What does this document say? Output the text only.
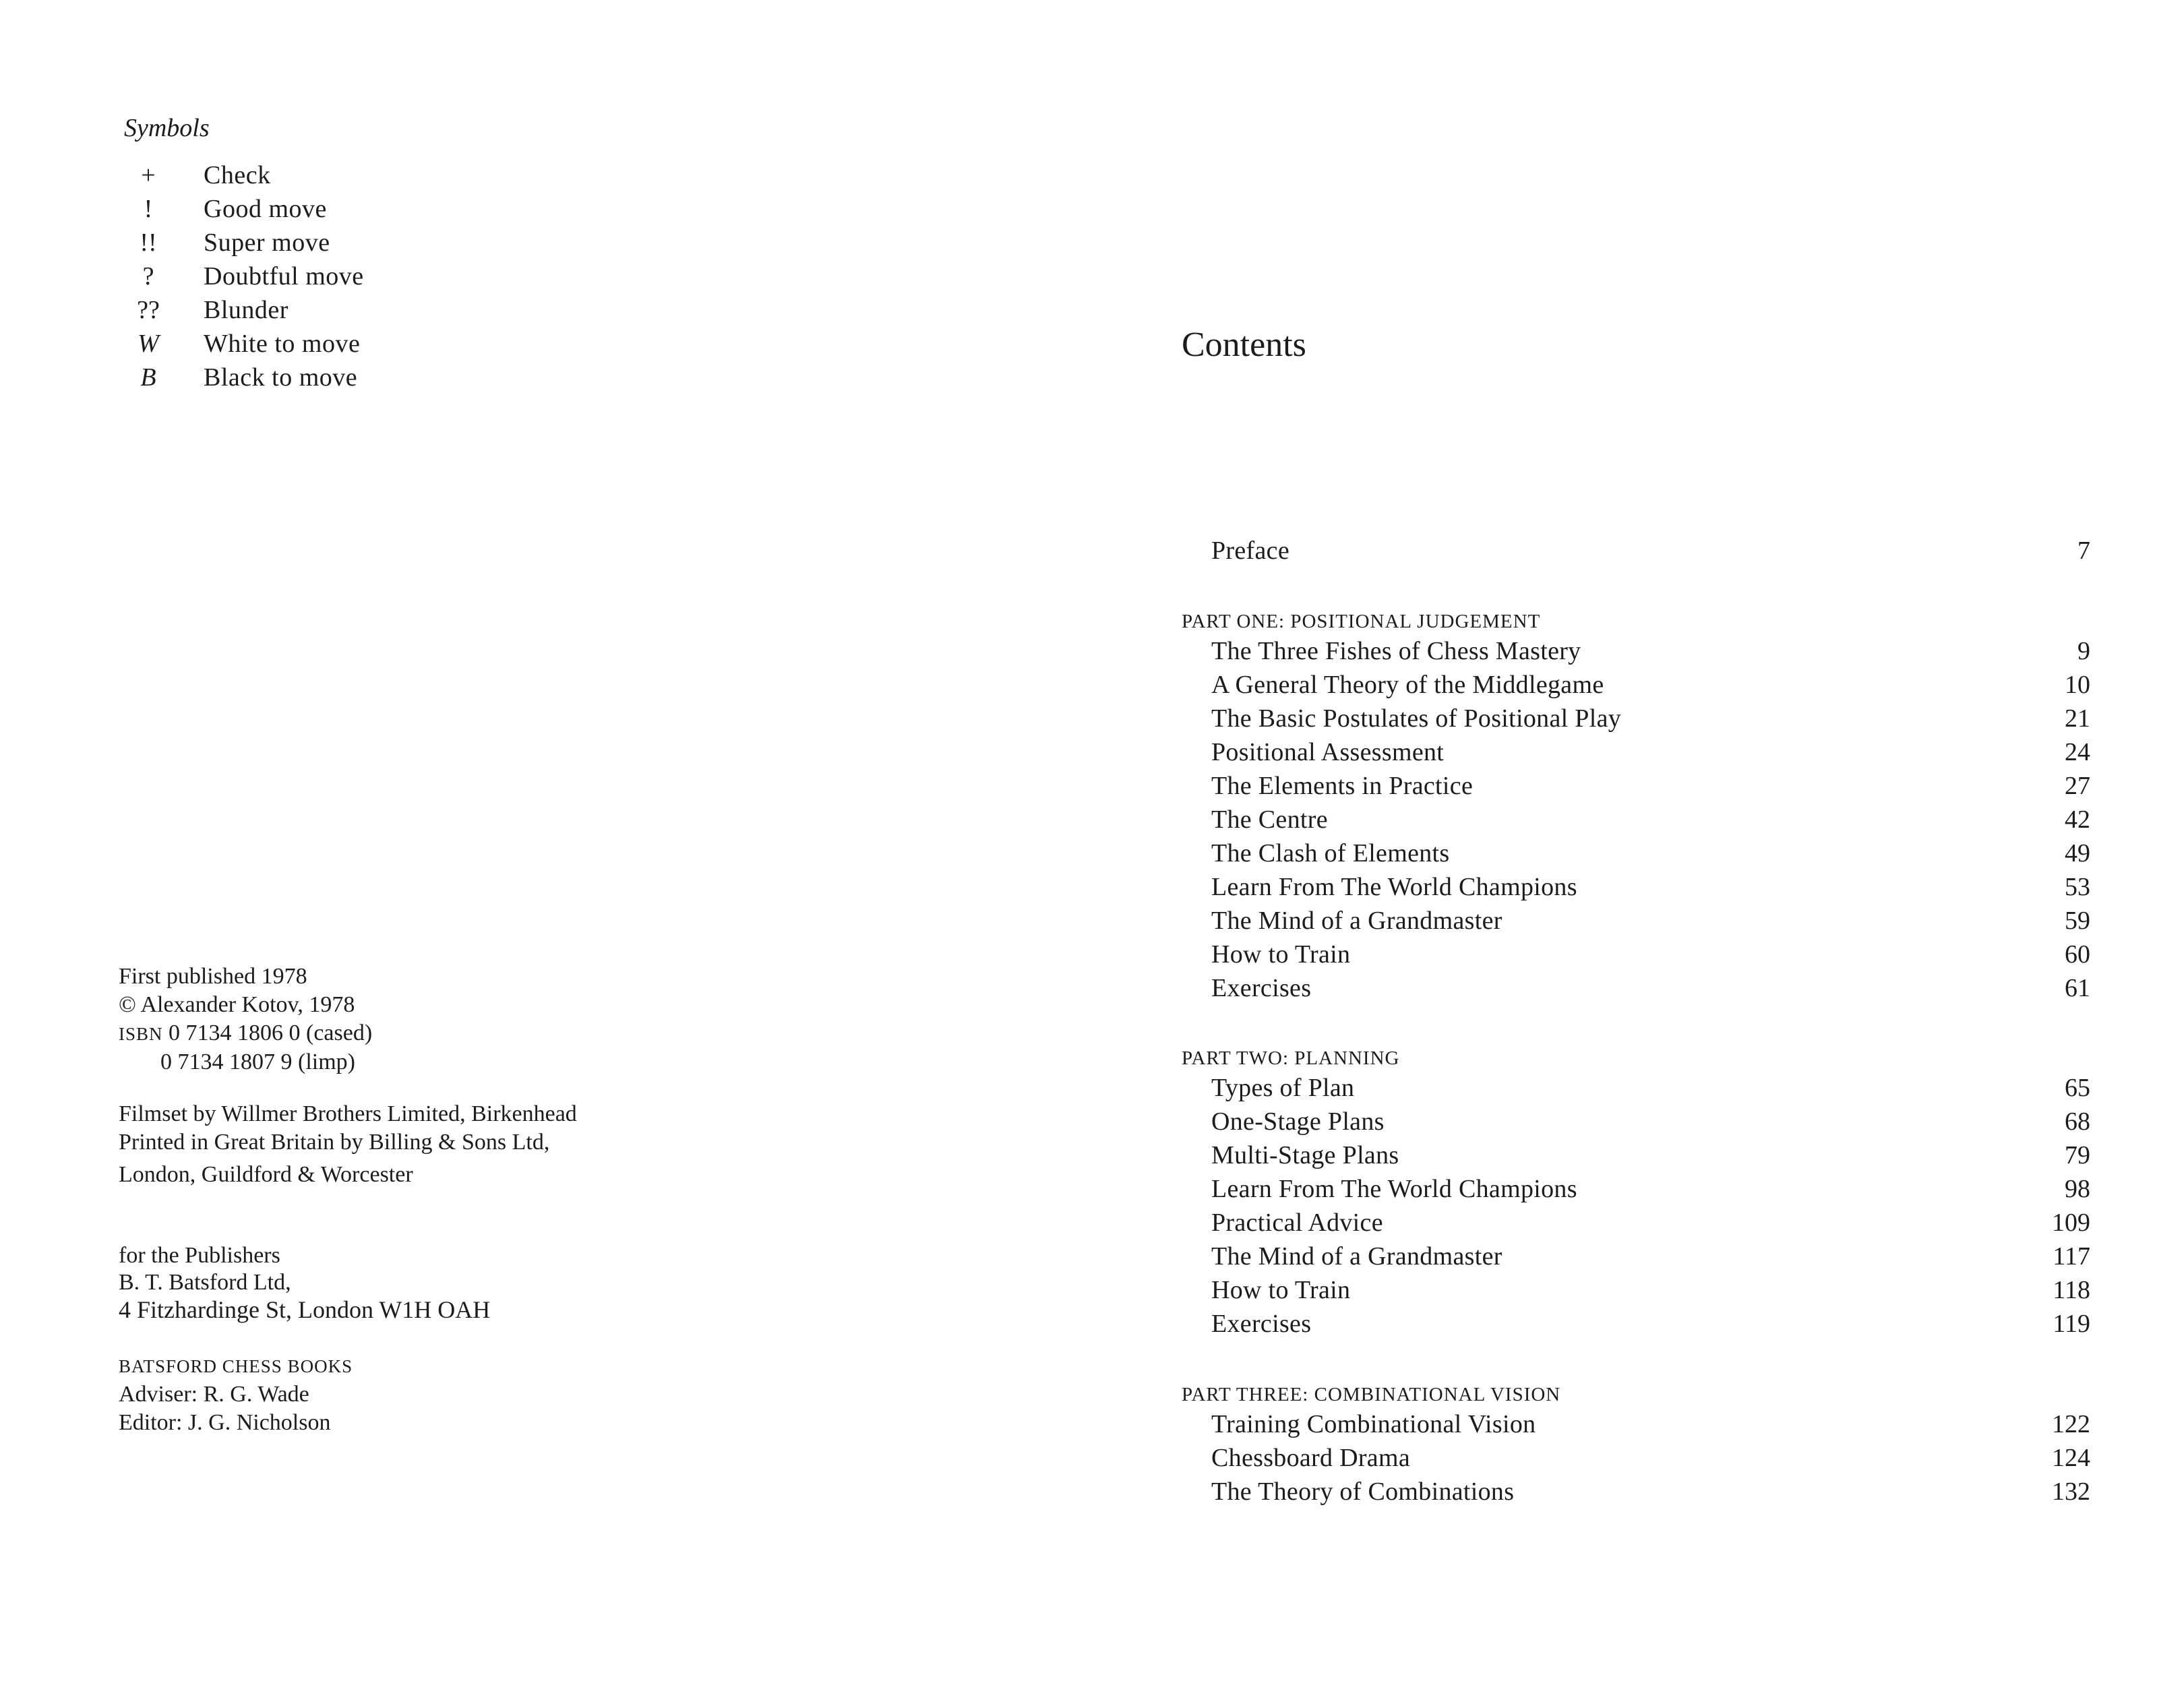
Symbols
+	Check
!	Good move
!!	Super move
?	Doubtful move
??	Blunder
W	White to move
B	Black to move
First published 1978
© Alexander Kotov, 1978
ISBN 0 7134 1806 0 (cased)
0 7134 1807 9 (limp)
Filmset by Willmer Brothers Limited, Birkenhead
Printed in Great Britain by Billing & Sons Ltd,
London, Guildford & Worcester
for the Publishers
B. T. Batsford Ltd,
4 Fitzhardinge St, London W1H OAH
BATSFORD CHESS BOOKS
Adviser: R. G. Wade
Editor: J. G. Nicholson
Contents
Preface	7
PART ONE: POSITIONAL JUDGEMENT
The Three Fishes of Chess Mastery	9
A General Theory of the Middlegame	10
The Basic Postulates of Positional Play	21
Positional Assessment	24
The Elements in Practice	27
The Centre	42
The Clash of Elements	49
Learn From The World Champions	53
The Mind of a Grandmaster	59
How to Train	60
Exercises	61
PART TWO: PLANNING
Types of Plan	65
One-Stage Plans	68
Multi-Stage Plans	79
Learn From The World Champions	98
Practical Advice	109
The Mind of a Grandmaster	117
How to Train	118
Exercises	119
PART THREE: COMBINATIONAL VISION
Training Combinational Vision	122
Chessboard Drama	124
The Theory of Combinations	132
